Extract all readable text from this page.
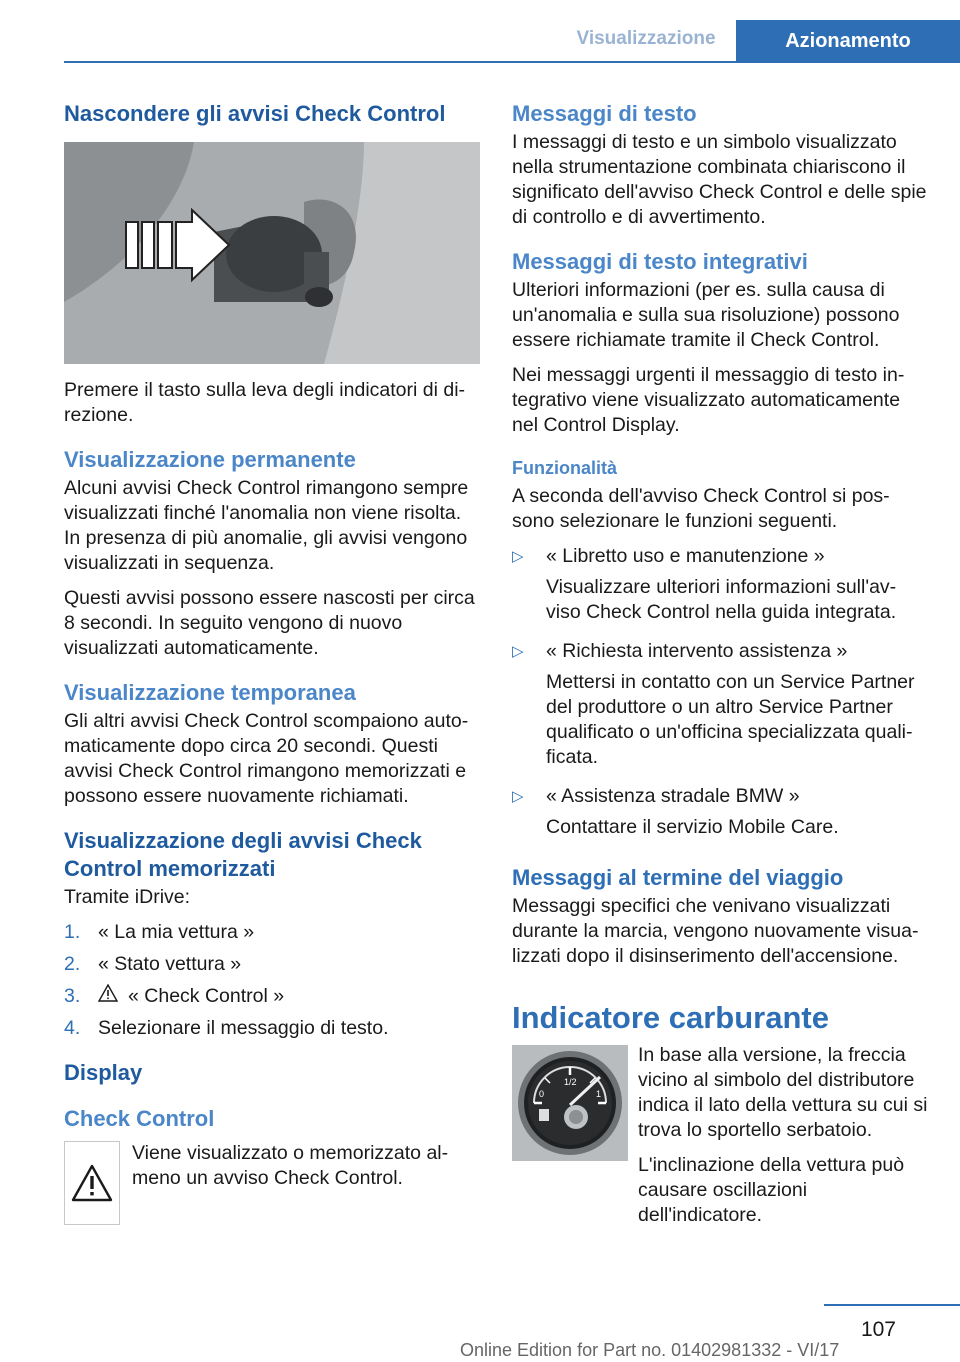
Visualizzazione	Azionamento
Nascondere gli avvisi Check Control

Premere il tasto sulla leva degli indicatori di di- rezione.

Visualizzazione permanente

Alcuni avvisi Check Control rimangono sempre visualizzati finché l'anomalia non viene risolta. In presenza di più anomalie, gli avvisi vengono visualizzati in sequenza.

Questi avvisi possono essere nascosti per circa 8 secondi. In seguito vengono di nuovo visualizzati automaticamente.

Visualizzazione temporanea

Gli altri avvisi Check Control scompaiono auto- maticamente dopo circa 20 secondi. Questi avvisi Check Control rimangono memorizzati e possono essere nuovamente richiamati.

Visualizzazione degli avvisi Check Control memorizzati

Tramite iDrive:

1. « La mia vettura »
2. « Stato vettura »
3.	« Check Control »
4. Selezionare il messaggio di testo.
Display
Check Control

Viene visualizzato o memorizzato al- meno un avviso Check Control.

Messaggi di testo

I messaggi di testo e un simbolo visualizzato nella strumentazione combinata chiariscono il significato dell'avviso Check Control e delle spie di controllo e di avvertimento.

Messaggi di testo integrativi

Ulteriori informazioni (per es. sulla causa di un'anomalia e sulla sua risoluzione) possono essere richiamate tramite il Check Control.

Nei messaggi urgenti il messaggio di testo in- tegrativo viene visualizzato automaticamente nel Control Display.

Funzionalità

A seconda dell'avviso Check Control si pos- sono selezionare le funzioni seguenti.

▷	« Libretto uso e manutenzione »

Visualizzare ulteriori informazioni sull'av- viso Check Control nella guida integrata.

▷	« Richiesta intervento assistenza »

Mettersi in contatto con un Service Partner del produttore o un altro Service Partner qualificato o un'officina specializzata quali- ficata.

▷	« Assistenza stradale BMW »

Contattare il servizio Mobile Care.

Messaggi al termine del viaggio

Messaggi specifici che venivano visualizzati durante la marcia, vengono nuovamente visua- lizzati dopo il disinserimento dell'accensione.

Indicatore carburante
1/2
0	1

In base alla versione, la freccia vicino al simbolo del distributore indica il lato della vettura su cui si trova lo sportello serbatoio.

L'inclinazione della vettura può causare oscillazioni dell'indicatore.

107
Online Edition for Part no. 01402981332 - VI/17
